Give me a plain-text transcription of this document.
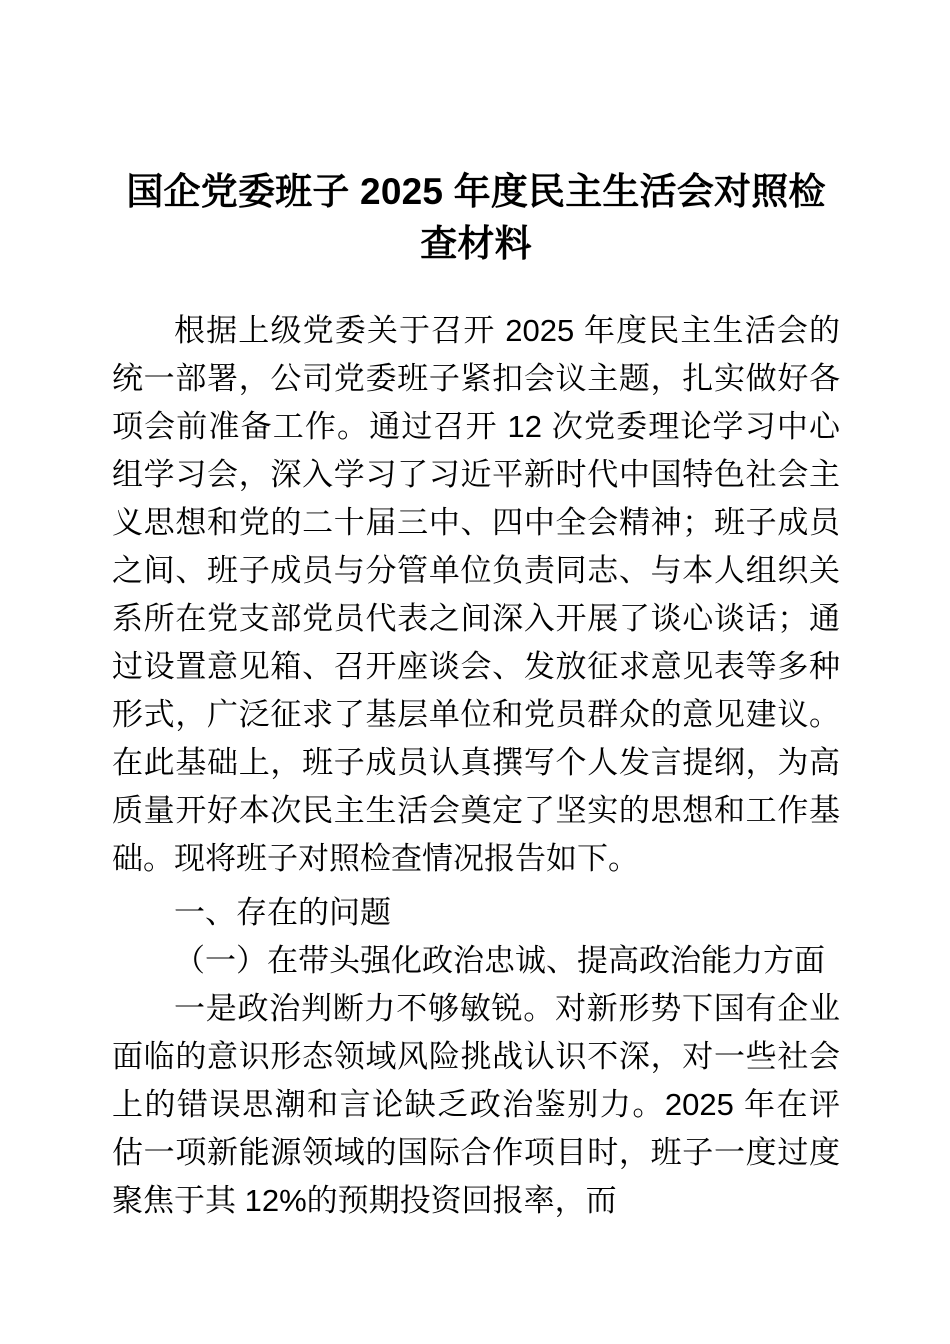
国企党委班子 2025 年度民主生活会对照检查材料

根据上级党委关于召开 2025 年度民主生活会的统一部署，公司党委班子紧扣会议主题，扎实做好各项会前准备工作。通过召开 12 次党委理论学习中心组学习会，深入学习了习近平新时代中国特色社会主义思想和党的二十届三中、四中全会精神；班子成员之间、班子成员与分管单位负责同志、与本人组织关系所在党支部党员代表之间深入开展了谈心谈话；通过设置意见箱、召开座谈会、发放征求意见表等多种形式，广泛征求了基层单位和党员群众的意见建议。在此基础上，班子成员认真撰写个人发言提纲，为高质量开好本次民主生活会奠定了坚实的思想和工作基础。现将班子对照检查情况报告如下。

一、存在的问题

（一）在带头强化政治忠诚、提高政治能力方面

一是政治判断力不够敏锐。对新形势下国有企业面临的意识形态领域风险挑战认识不深，对一些社会上的错误思潮和言论缺乏政治鉴别力。2025 年在评估一项新能源领域的国际合作项目时，班子一度过度聚焦于其 12%的预期投资回报率，而
